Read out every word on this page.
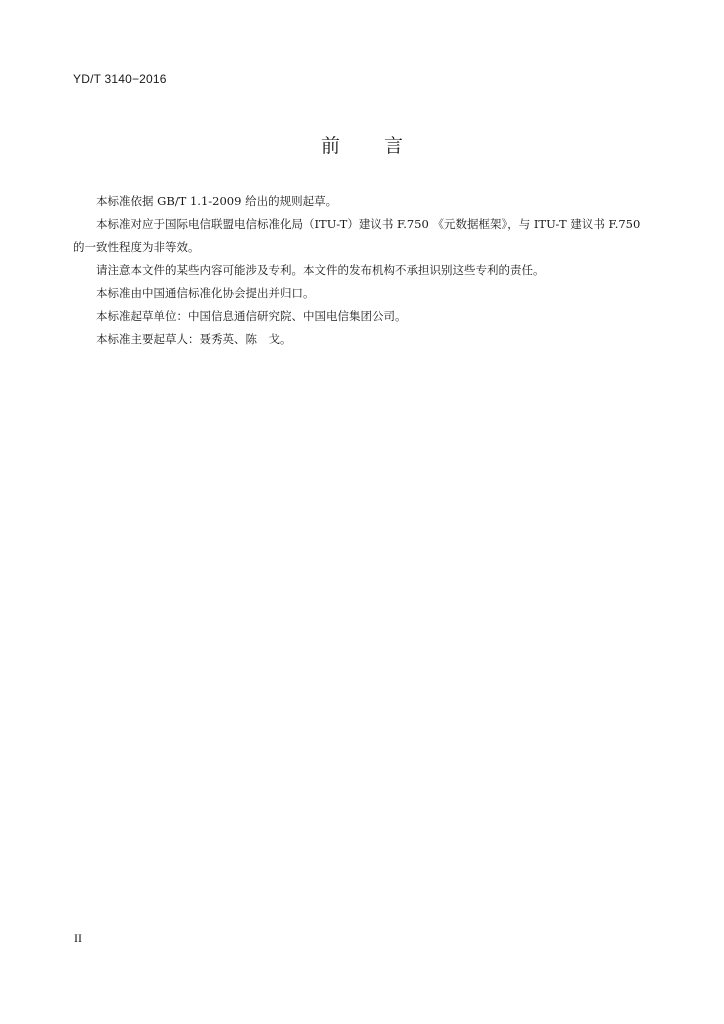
YD/T 3140−2016
前 言

本标准依据 GB/T 1.1-2009 给出的规则起草。

本标准对应于国际电信联盟电信标准化局（ITU-T）建议书 F.750 《元数据框架》，与 ITU-T 建议书 F.750 的一致性程度为非等效。

请注意本文件的某些内容可能涉及专利。本文件的发布机构不承担识别这些专利的责任。

本标准由中国通信标准化协会提出并归口。

本标准起草单位：中国信息通信研究院、中国电信集团公司。

本标准主要起草人：聂秀英、陈　戈。

II
